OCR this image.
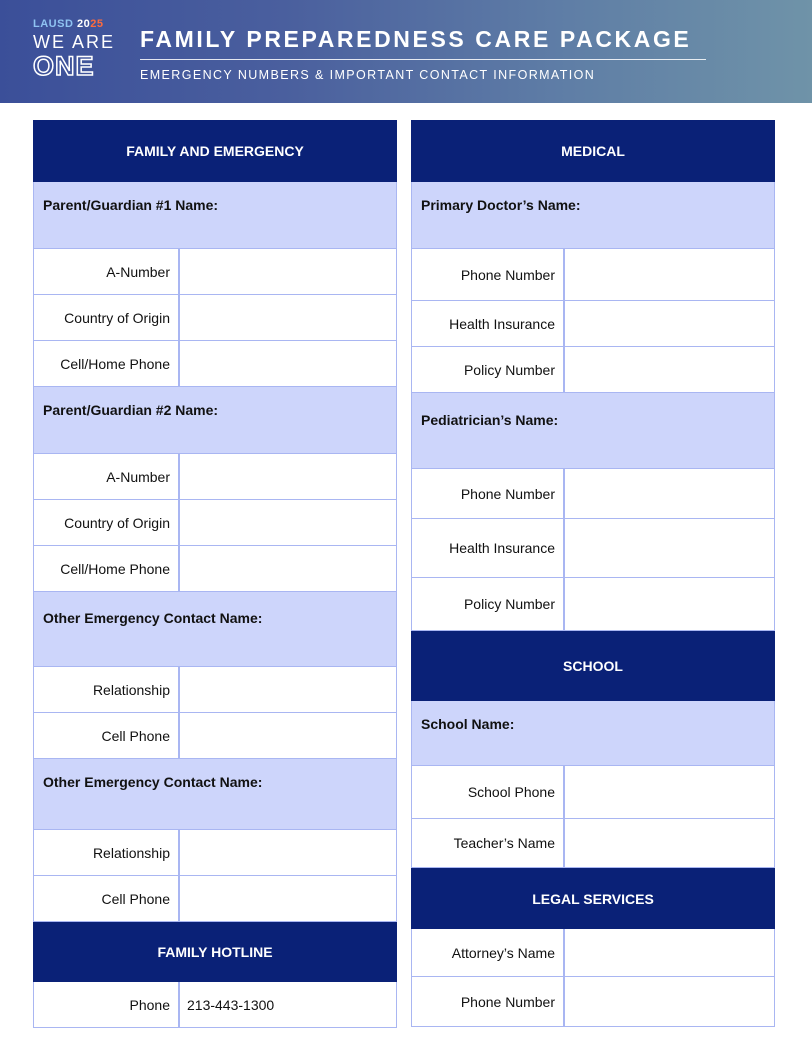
LAUSD 2025
WE ARE
ONE
FAMILY PREPAREDNESS CARE PACKAGE
EMERGENCY NUMBERS & IMPORTANT CONTACT INFORMATION
FAMILY AND EMERGENCY
Parent/Guardian #1 Name:
A-Number
Country of Origin
Cell/Home Phone
Parent/Guardian #2 Name:
A-Number
Country of Origin
Cell/Home Phone
Other Emergency Contact Name:
Relationship
Cell Phone
Other Emergency Contact Name:
Relationship
Cell Phone
FAMILY HOTLINE
Phone	213-443-1300
MEDICAL
Primary Doctor’s Name:
Phone Number
Health Insurance
Policy Number
Pediatrician’s Name:
Phone Number
Health Insurance
Policy Number
SCHOOL
School Name:
School Phone
Teacher’s Name
LEGAL SERVICES
Attorney’s Name
Phone Number
